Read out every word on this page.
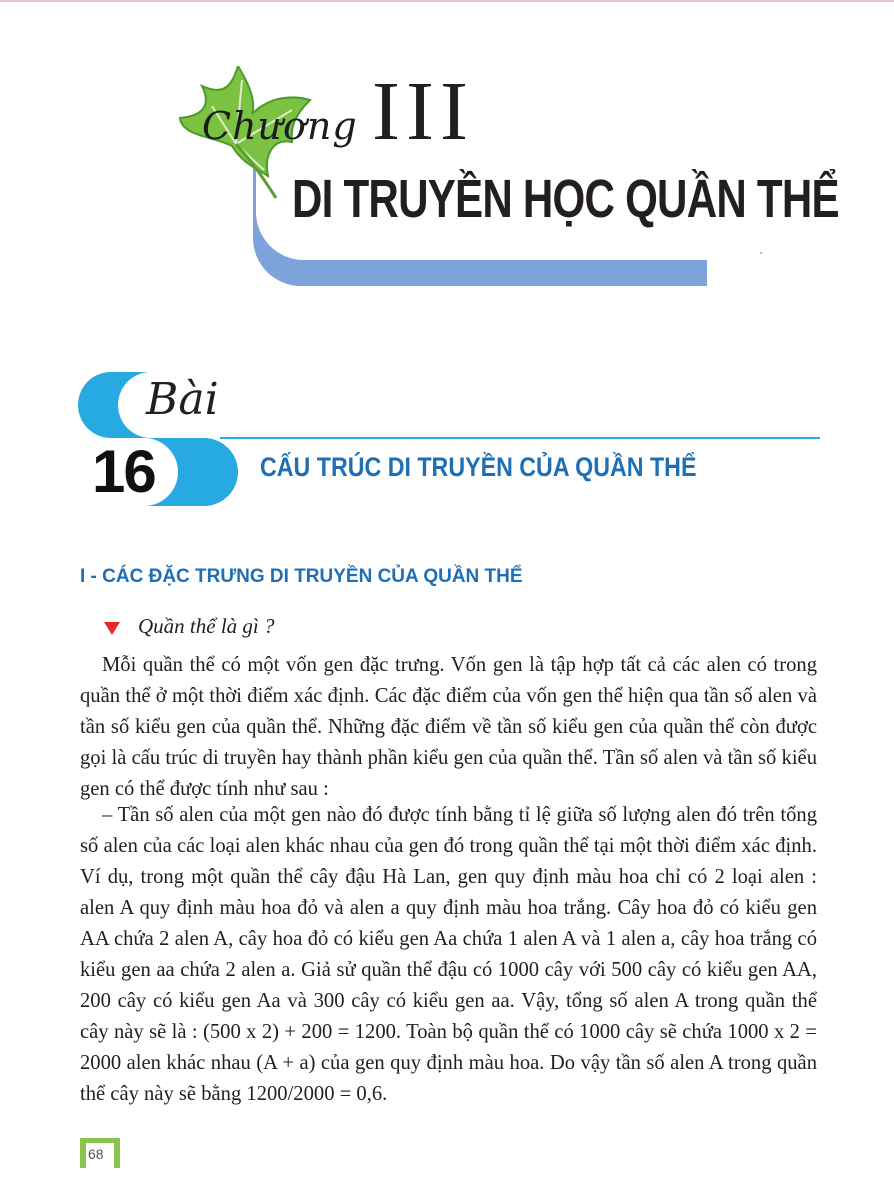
Chương III
DI TRUYỀN HỌC QUẦN THỂ
Bài
16	CẤU TRÚC DI TRUYỀN CỦA QUẦN THỂ
I - CÁC ĐẶC TRƯNG DI TRUYỀN CỦA QUẦN THỂ
Quần thể là gì ?
Mỗi quần thể có một vốn gen đặc trưng. Vốn gen là tập hợp tất cả các alen có trong quần thể ở một thời điểm xác định. Các đặc điểm của vốn gen thể hiện qua tần số alen và tần số kiểu gen của quần thể. Những đặc điểm về tần số kiểu gen của quần thể còn được gọi là cấu trúc di truyền hay thành phần kiểu gen của quần thể. Tần số alen và tần số kiểu gen có thể được tính như sau :
– Tần số alen của một gen nào đó được tính bằng tỉ lệ giữa số lượng alen đó trên tổng số alen của các loại alen khác nhau của gen đó trong quần thể tại một thời điểm xác định. Ví dụ, trong một quần thể cây đậu Hà Lan, gen quy định màu hoa chỉ có 2 loại alen : alen A quy định màu hoa đỏ và alen a quy định màu hoa trắng. Cây hoa đỏ có kiểu gen AA chứa 2 alen A, cây hoa đỏ có kiểu gen Aa chứa 1 alen A và 1 alen a, cây hoa trắng có kiểu gen aa chứa 2 alen a. Giả sử quần thể đậu có 1000 cây với 500 cây có kiểu gen AA, 200 cây có kiểu gen Aa và 300 cây có kiểu gen aa. Vậy, tổng số alen A trong quần thể cây này sẽ là : (500 x 2) + 200 = 1200. Toàn bộ quần thể có 1000 cây sẽ chứa 1000 x 2 = 2000 alen khác nhau (A + a) của gen quy định màu hoa. Do vậy tần số alen A trong quần thể cây này sẽ bằng 1200/2000 = 0,6.
68
